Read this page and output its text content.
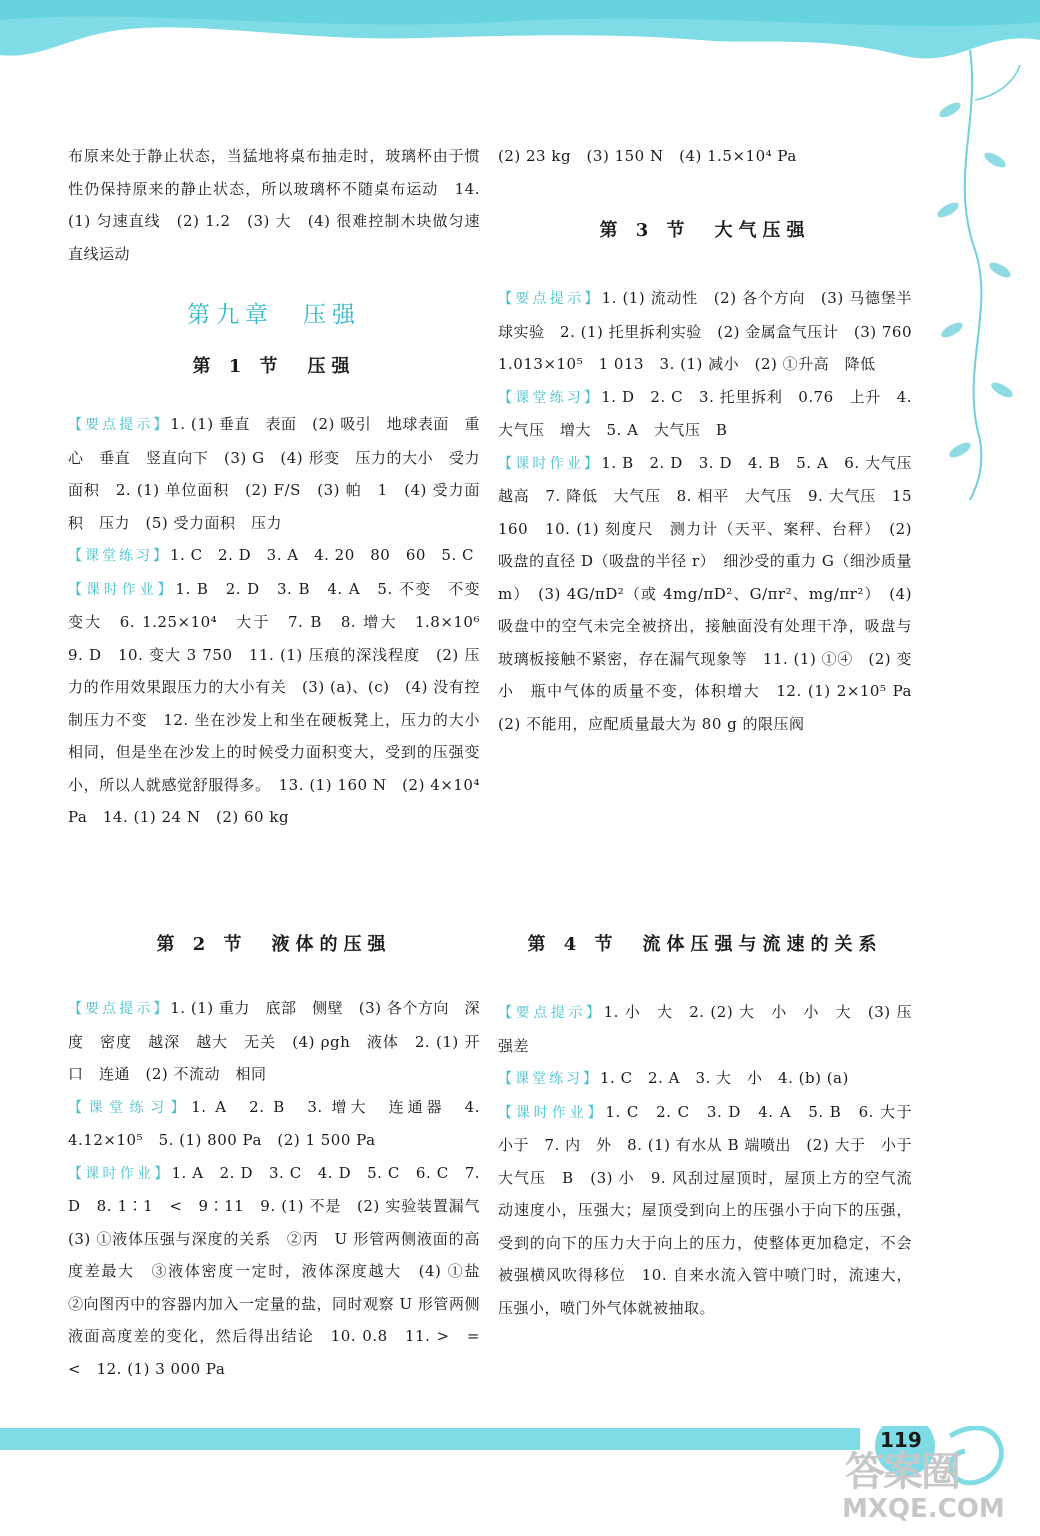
119
答案圈
MXQE.COM

布原来处于静止状态，当猛地将桌布抽走时，玻璃杯由于惯性仍保持原来的静止状态，所以玻璃杯不随桌布运动　14. (1) 匀速直线　(2) 1.2　(3) 大　(4) 很难控制木块做匀速直线运动

第九章　压强
第 1 节　压强

【要点提示】1. (1) 垂直　表面　(2) 吸引　地球表面　重心　垂直　竖直向下　(3) G　(4) 形变　压力的大小　受力面积　2. (1) 单位面积　(2) F/S　(3) 帕　1　(4) 受力面积　压力　(5) 受力面积　压力

【课堂练习】1. C　2. D　3. A　4. 20　80　60　5. C

【课时作业】1. B　2. D　3. B　4. A　5. 不变　不变　变大　6. 1.25×10⁴　大于　7. B　8. 增大　1.8×10⁶　9. D　10. 变大 3 750　11. (1) 压痕的深浅程度　(2) 压力的作用效果跟压力的大小有关　(3) (a)、(c)　(4) 没有控制压力不变　12. 坐在沙发上和坐在硬板凳上，压力的大小相同，但是坐在沙发上的时候受力面积变大，受到的压强变小，所以人就感觉舒服得多。　13. (1) 160 N　(2) 4×10⁴ Pa　14. (1) 24 N　(2) 60 kg

第 2 节　液体的压强

【要点提示】1. (1) 重力　底部　侧壁　(3) 各个方向　深度　密度　越深　越大　无关　(4) ρgh　液体　2. (1) 开口　连通　(2) 不流动　相同

【课堂练习】1. A　2. B　3. 增大　连通器　4. 4.12×10⁵　5. (1) 800 Pa　(2) 1 500 Pa

【课时作业】1. A　2. D　3. C　4. D　5. C　6. C　7. D　8. 1∶1　<　9∶11　9. (1) 不是　(2) 实验装置漏气　(3) ①液体压强与深度的关系　②丙　U 形管两侧液面的高度差最大　③液体密度一定时，液体深度越大　(4) ①盐　②向图丙中的容器内加入一定量的盐，同时观察 U 形管两侧液面高度差的变化，然后得出结论　10. 0.8　11. >　=　<　12. (1) 3 000 Pa

(2) 23 kg　(3) 150 N　(4) 1.5×10⁴ Pa

第 3 节　大气压强

【要点提示】1. (1) 流动性　(2) 各个方向　(3) 马德堡半球实验　2. (1) 托里拆利实验　(2) 金属盒气压计　(3) 760　1.013×10⁵　1 013　3. (1) 减小　(2) ①升高　降低

【课堂练习】1. D　2. C　3. 托里拆利　0.76　上升　4. 大气压　增大　5. A　大气压　B

【课时作业】1. B　2. D　3. D　4. B　5. A　6. 大气压　越高　7. 降低　大气压　8. 相平　大气压　9. 大气压　15　160　10. (1) 刻度尺　测力计（天平、案秤、台秤）　(2) 吸盘的直径 D（吸盘的半径 r）　细沙受的重力 G（细沙质量 m）　(3) 4G/πD²（或 4mg/πD²、G/πr²、mg/πr²）　(4) 吸盘中的空气未完全被挤出，接触面没有处理干净，吸盘与玻璃板接触不紧密，存在漏气现象等　11. (1) ①④　(2) 变小　瓶中气体的质量不变，体积增大　12. (1) 2×10⁵ Pa　(2) 不能用，应配质量最大为 80 g 的限压阀

第 4 节　流体压强与流速的关系

【要点提示】1. 小　大　2. (2) 大　小　小　大　(3) 压强差

【课堂练习】1. C　2. A　3. 大　小　4. (b) (a)

【课时作业】1. C　2. C　3. D　4. A　5. B　6. 大于　小于　7. 内　外　8. (1) 有水从 B 端喷出　(2) 大于　小于　大气压　B　(3) 小　9. 风刮过屋顶时，屋顶上方的空气流动速度小，压强大；屋顶受到向上的压强小于向下的压强，受到的向下的压力大于向上的压力，使整体更加稳定，不会被强横风吹得移位　10. 自来水流入管中喷门时，流速大，压强小，喷门外气体就被抽取。
